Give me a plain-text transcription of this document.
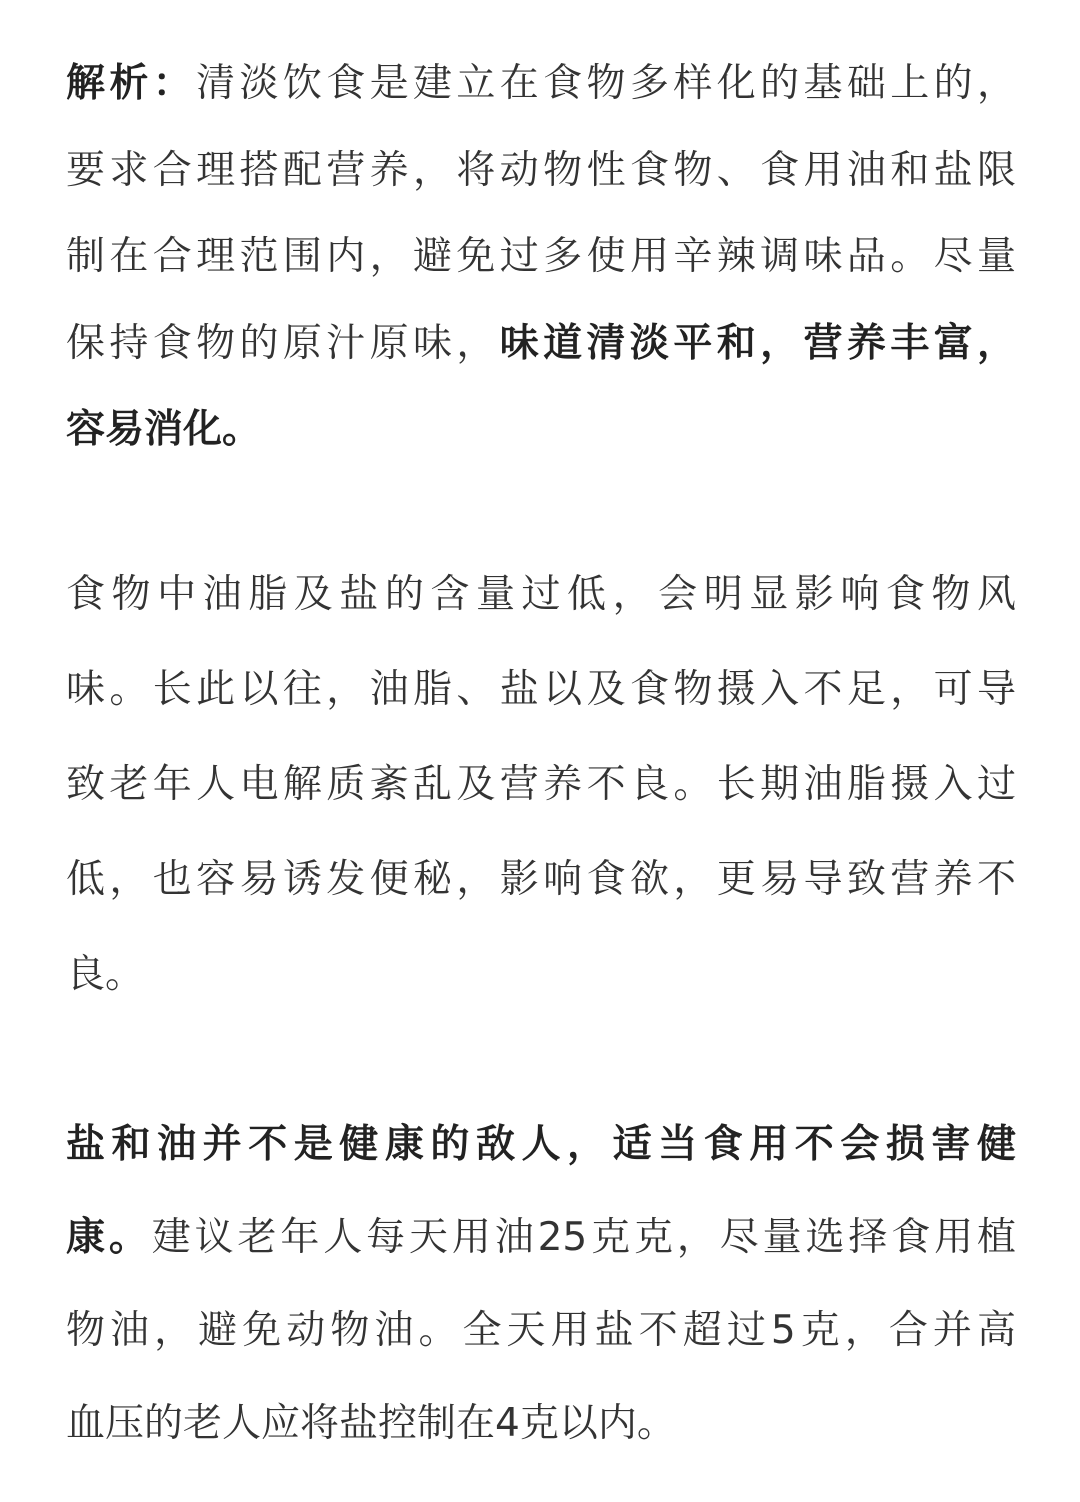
解析：清淡饮食是建立在食物多样化的基础上的，
要求合理搭配营养，将动物性食物、食用油和盐限
制在合理范围内，避免过多使用辛辣调味品。尽量
保持食物的原汁原味，味道清淡平和，营养丰富，
容易消化。
食物中油脂及盐的含量过低，会明显影响食物风
味。长此以往，油脂、盐以及食物摄入不足，可导
致老年人电解质紊乱及营养不良。长期油脂摄入过
低，也容易诱发便秘，影响食欲，更易导致营养不
良。
盐和油并不是健康的敌人，适当食用不会损害健
康。建议老年人每天用油25克克，尽量选择食用植
物油，避免动物油。全天用盐不超过5克，合并高
血压的老人应将盐控制在4克以内。
